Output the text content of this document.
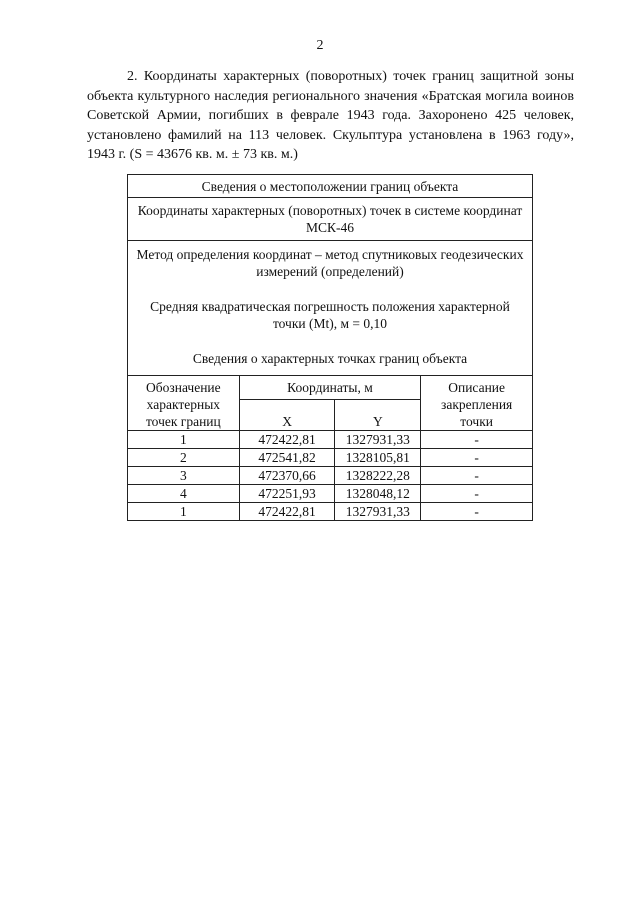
2

2. Координаты характерных (поворотных) точек границ защитной зоны объекта культурного наследия регионального значения «Братская могила воинов Советской Армии, погибших в феврале 1943 года. Захоронено 425 человек, установлено фамилий на 113 человек. Скульптура установлена в 1963 году», 1943 г. (S = 43676 кв. м. ± 73 кв. м.)

Сведения о местоположении границ объекта			
Координаты характерных (поворотных) точек в системе координат МСК-46			

Метод определения координат – метод спутниковых геодезических измерений (определений)

Средняя квадратическая погрешность положения характерной точки (Mt), м = 0,10

Сведения о характерных точках границ объекта			

Обозначение характерных точек границ	Координаты, м		Описание закрепления точки
	X	Y	
1	472422,81	1327931,33	-
2	472541,82	1328105,81	-
3	472370,66	1328222,28	-
4	472251,93	1328048,12	-
1	472422,81	1327931,33	-
